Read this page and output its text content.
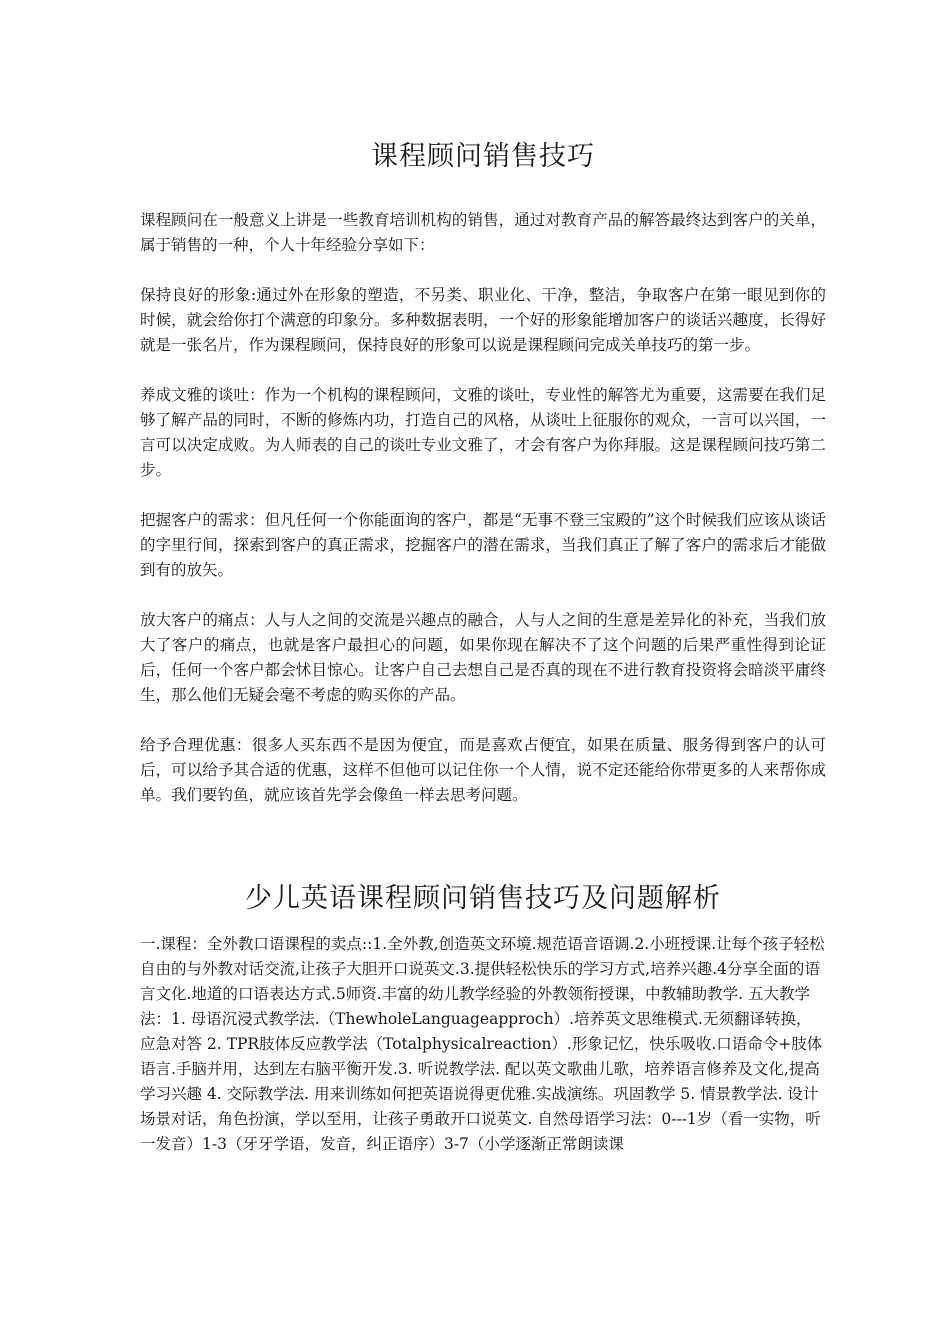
课程顾问销售技巧

课程顾问在一般意义上讲是一些教育培训机构的销售，通过对教育产品的解答最终达到客户的关单，属于销售的一种，个人十年经验分享如下：

保持良好的形象:通过外在形象的塑造，不另类、职业化、干净，整洁，争取客户在第一眼见到你的时候，就会给你打个满意的印象分。多种数据表明，一个好的形象能增加客户的谈话兴趣度，长得好就是一张名片，作为课程顾问，保持良好的形象可以说是课程顾问完成关单技巧的第一步。

养成文雅的谈吐：作为一个机构的课程顾问，文雅的谈吐，专业性的解答尤为重要，这需要在我们足够了解产品的同时，不断的修炼内功，打造自己的风格，从谈吐上征服你的观众，一言可以兴国，一言可以决定成败。为人师表的自己的谈吐专业文雅了，才会有客户为你拜服。这是课程顾问技巧第二步。

把握客户的需求：但凡任何一个你能面询的客户，都是“无事不登三宝殿的”这个时候我们应该从谈话的字里行间，探索到客户的真正需求，挖掘客户的潜在需求，当我们真正了解了客户的需求后才能做到有的放矢。

放大客户的痛点：人与人之间的交流是兴趣点的融合，人与人之间的生意是差异化的补充，当我们放大了客户的痛点，也就是客户最担心的问题，如果你现在解决不了这个问题的后果严重性得到论证后，任何一个客户都会怵目惊心。让客户自己去想自己是否真的现在不进行教育投资将会暗淡平庸终生，那么他们无疑会毫不考虑的购买你的产品。

给予合理优惠：很多人买东西不是因为便宜，而是喜欢占便宜，如果在质量、服务得到客户的认可后，可以给予其合适的优惠，这样不但他可以记住你一个人情，说不定还能给你带更多的人来帮你成单。我们要钓鱼，就应该首先学会像鱼一样去思考问题。

少儿英语课程顾问销售技巧及问题解析

一.课程：全外教口语课程的卖点::1.全外教,创造英文环境.规范语音语调.2.小班授课.让每个孩子轻松自由的与外教对话交流,让孩子大胆开口说英文.3.提供轻松快乐的学习方式,培养兴趣.4分享全面的语言文化.地道的口语表达方式.5师资.丰富的幼儿教学经验的外教领衔授课，中教辅助教学. 五大教学法：1. 母语沉浸式教学法.（ThewholeLanguageapproch）.培养英文思维模式.无须翻译转换，应急对答 2. TPR肢体反应教学法（Totalphysicalreaction）.形象记忆，快乐吸收.口语命令+肢体语言.手脑并用，达到左右脑平衡开发.3. 听说教学法. 配以英文歌曲儿歌，培养语言修养及文化,提高学习兴趣 4. 交际教学法. 用来训练如何把英语说得更优雅.实战演练。巩固教学 5. 情景教学法. 设计场景对话，角色扮演，学以至用，让孩子勇敢开口说英文. 自然母语学习法：0---1岁（看一实物，听一发音）1-3（牙牙学语，发音，纠正语序）3-7（小学逐渐正常朗读课
